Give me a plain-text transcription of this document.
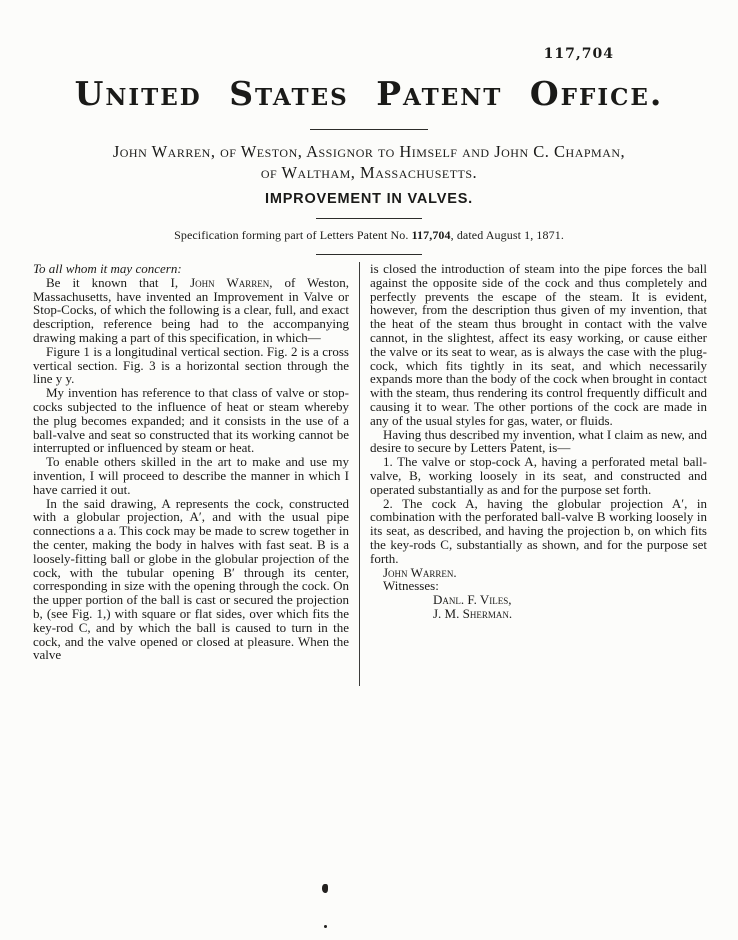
117,704
United States Patent Office.
John Warren, of Weston, Assignor to Himself and John C. Chapman,
of Waltham, Massachusetts.
IMPROVEMENT IN VALVES.
Specification forming part of Letters Patent No. 117,704, dated August 1, 1871.

To all whom it may concern:

Be it known that I, John Warren, of Weston, Massachusetts, have invented an Improvement in Valve or Stop-Cocks, of which the following is a clear, full, and exact description, reference being had to the accompanying drawing making a part of this specification, in which—

Figure 1 is a longitudinal vertical section. Fig. 2 is a cross vertical section. Fig. 3 is a horizontal section through the line y y.

My invention has reference to that class of valve or stop-cocks subjected to the influence of heat or steam whereby the plug becomes expanded; and it consists in the use of a ball-valve and seat so constructed that its working cannot be interrupted or influenced by steam or heat.

To enable others skilled in the art to make and use my invention, I will proceed to describe the manner in which I have carried it out.

In the said drawing, A represents the cock, constructed with a globular projection, A′, and with the usual pipe connections a a. This cock may be made to screw together in the center, making the body in halves with fast seat. B is a loosely-fitting ball or globe in the globular projection of the cock, with the tubular opening B′ through its center, corresponding in size with the opening through the cock. On the upper portion of the ball is cast or secured the projection b, (see Fig. 1,) with square or flat sides, over which fits the key-rod C, and by which the ball is caused to turn in the cock, and the valve opened or closed at pleasure. When the valve

is closed the introduction of steam into the pipe forces the ball against the opposite side of the cock and thus completely and perfectly prevents the escape of the steam. It is evident, however, from the description thus given of my invention, that the heat of the steam thus brought in contact with the valve cannot, in the slightest, affect its easy working, or cause either the valve or its seat to wear, as is always the case with the plug-cock, which fits tightly in its seat, and which necessarily expands more than the body of the cock when brought in contact with the steam, thus rendering its control frequently difficult and causing it to wear. The other portions of the cock are made in any of the usual styles for gas, water, or fluids.

Having thus described my invention, what I claim as new, and desire to secure by Letters Patent, is—

1. The valve or stop-cock A, having a perforated metal ball-valve, B, working loosely in its seat, and constructed and operated substantially as and for the purpose set forth.

2. The cock A, having the globular projection A′, in combination with the perforated ball-valve B working loosely in its seat, as described, and having the projection b, on which fits the key-rods C, substantially as shown, and for the purpose set forth.

John Warren.

Witnesses:

Danl. F. Viles,

J. M. Sherman.
